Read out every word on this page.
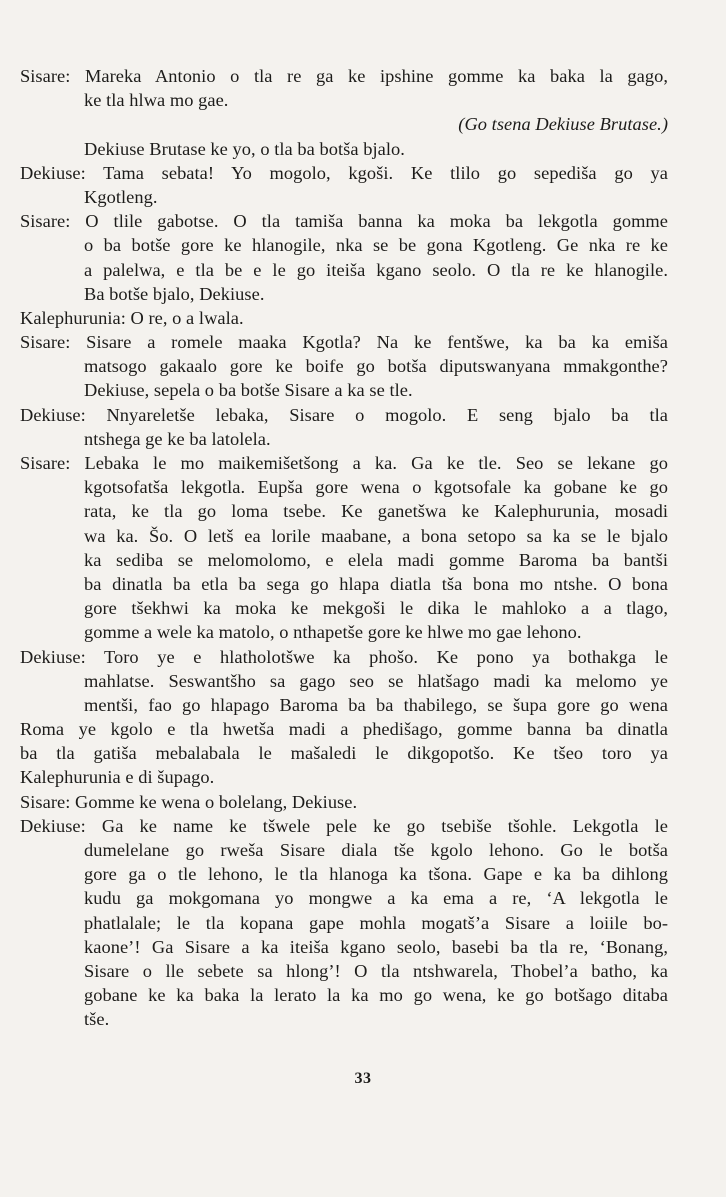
Sisare: Mareka Antonio o tla re ga ke ipshine gomme ka baka la gago,
ke tla hlwa mo gae.
(Go tsena Dekiuse Brutase.)
Dekiuse Brutase ke yo, o tla ba botša bjalo.
Dekiuse: Tama sebata! Yo mogolo, kgoši. Ke tlilo go sepediša go ya
Kgotleng.
Sisare: O tlile gabotse. O tla tamiša banna ka moka ba lekgotla gomme
o ba botše gore ke hlanogile, nka se be gona Kgotleng. Ge nka re ke
a palelwa, e tla be e le go iteiša kgano seolo. O tla re ke hlanogile.
Ba botše bjalo, Dekiuse.
Kalephurunia: O re, o a lwala.
Sisare: Sisare a romele maaka Kgotla? Na ke fentšwe, ka ba ka emiša
matsogo gakaalo gore ke boife go botša diputswanyana mmakgonthe?
Dekiuse, sepela o ba botše Sisare a ka se tle.
Dekiuse: Nnyareletše lebaka, Sisare o mogolo. E seng bjalo ba tla
ntshega ge ke ba latolela.
Sisare: Lebaka le mo maikemišetšong a ka. Ga ke tle. Seo se lekane go
kgotsofatša lekgotla. Eupša gore wena o kgotsofale ka gobane ke go
rata, ke tla go loma tsebe. Ke ganetšwa ke Kalephurunia, mosadi
wa ka. Šo. O letš ea lorile maabane, a bona setopo sa ka se le bjalo
ka sediba se melomolomo, e elela madi gomme Baroma ba bantši
ba dinatla ba etla ba sega go hlapa diatla tša bona mo ntshe. O bona
gore tšekhwi ka moka ke mekgoši le dika le mahloko a a tlago,
gomme a wele ka matolo, o nthapetše gore ke hlwe mo gae lehono.
Dekiuse: Toro ye e hlatholotšwe ka phošo. Ke pono ya bothakga le
mahlatse. Seswantšho sa gago seo se hlatšago madi ka melomo ye
mentši, fao go hlapago Baroma ba ba thabilego, se šupa gore go wena
Roma ye kgolo e tla hwetša madi a phedišago, gomme banna ba dinatla
ba tla gatiša mebalabala le mašaledi le dikgopotšo. Ke tšeo toro ya
Kalephurunia e di šupago.
Sisare: Gomme ke wena o bolelang, Dekiuse.
Dekiuse: Ga ke name ke tšwele pele ke go tsebiše tšohle. Lekgotla le
dumelelane go rweša Sisare diala tše kgolo lehono. Go le botša
gore ga o tle lehono, le tla hlanoga ka tšona. Gape e ka ba dihlong
kudu ga mokgomana yo mongwe a ka ema a re, ‘A lekgotla le
phatlalale; le tla kopana gape mohla mogatš’a Sisare a loiile bo-
kaone’! Ga Sisare a ka iteiša kgano seolo, basebi ba tla re, ‘Bonang,
Sisare o lle sebete sa hlong’! O tla ntshwarela, Thobel’a batho, ka
gobane ke ka baka la lerato la ka mo go wena, ke go botšago ditaba
tše.
33
